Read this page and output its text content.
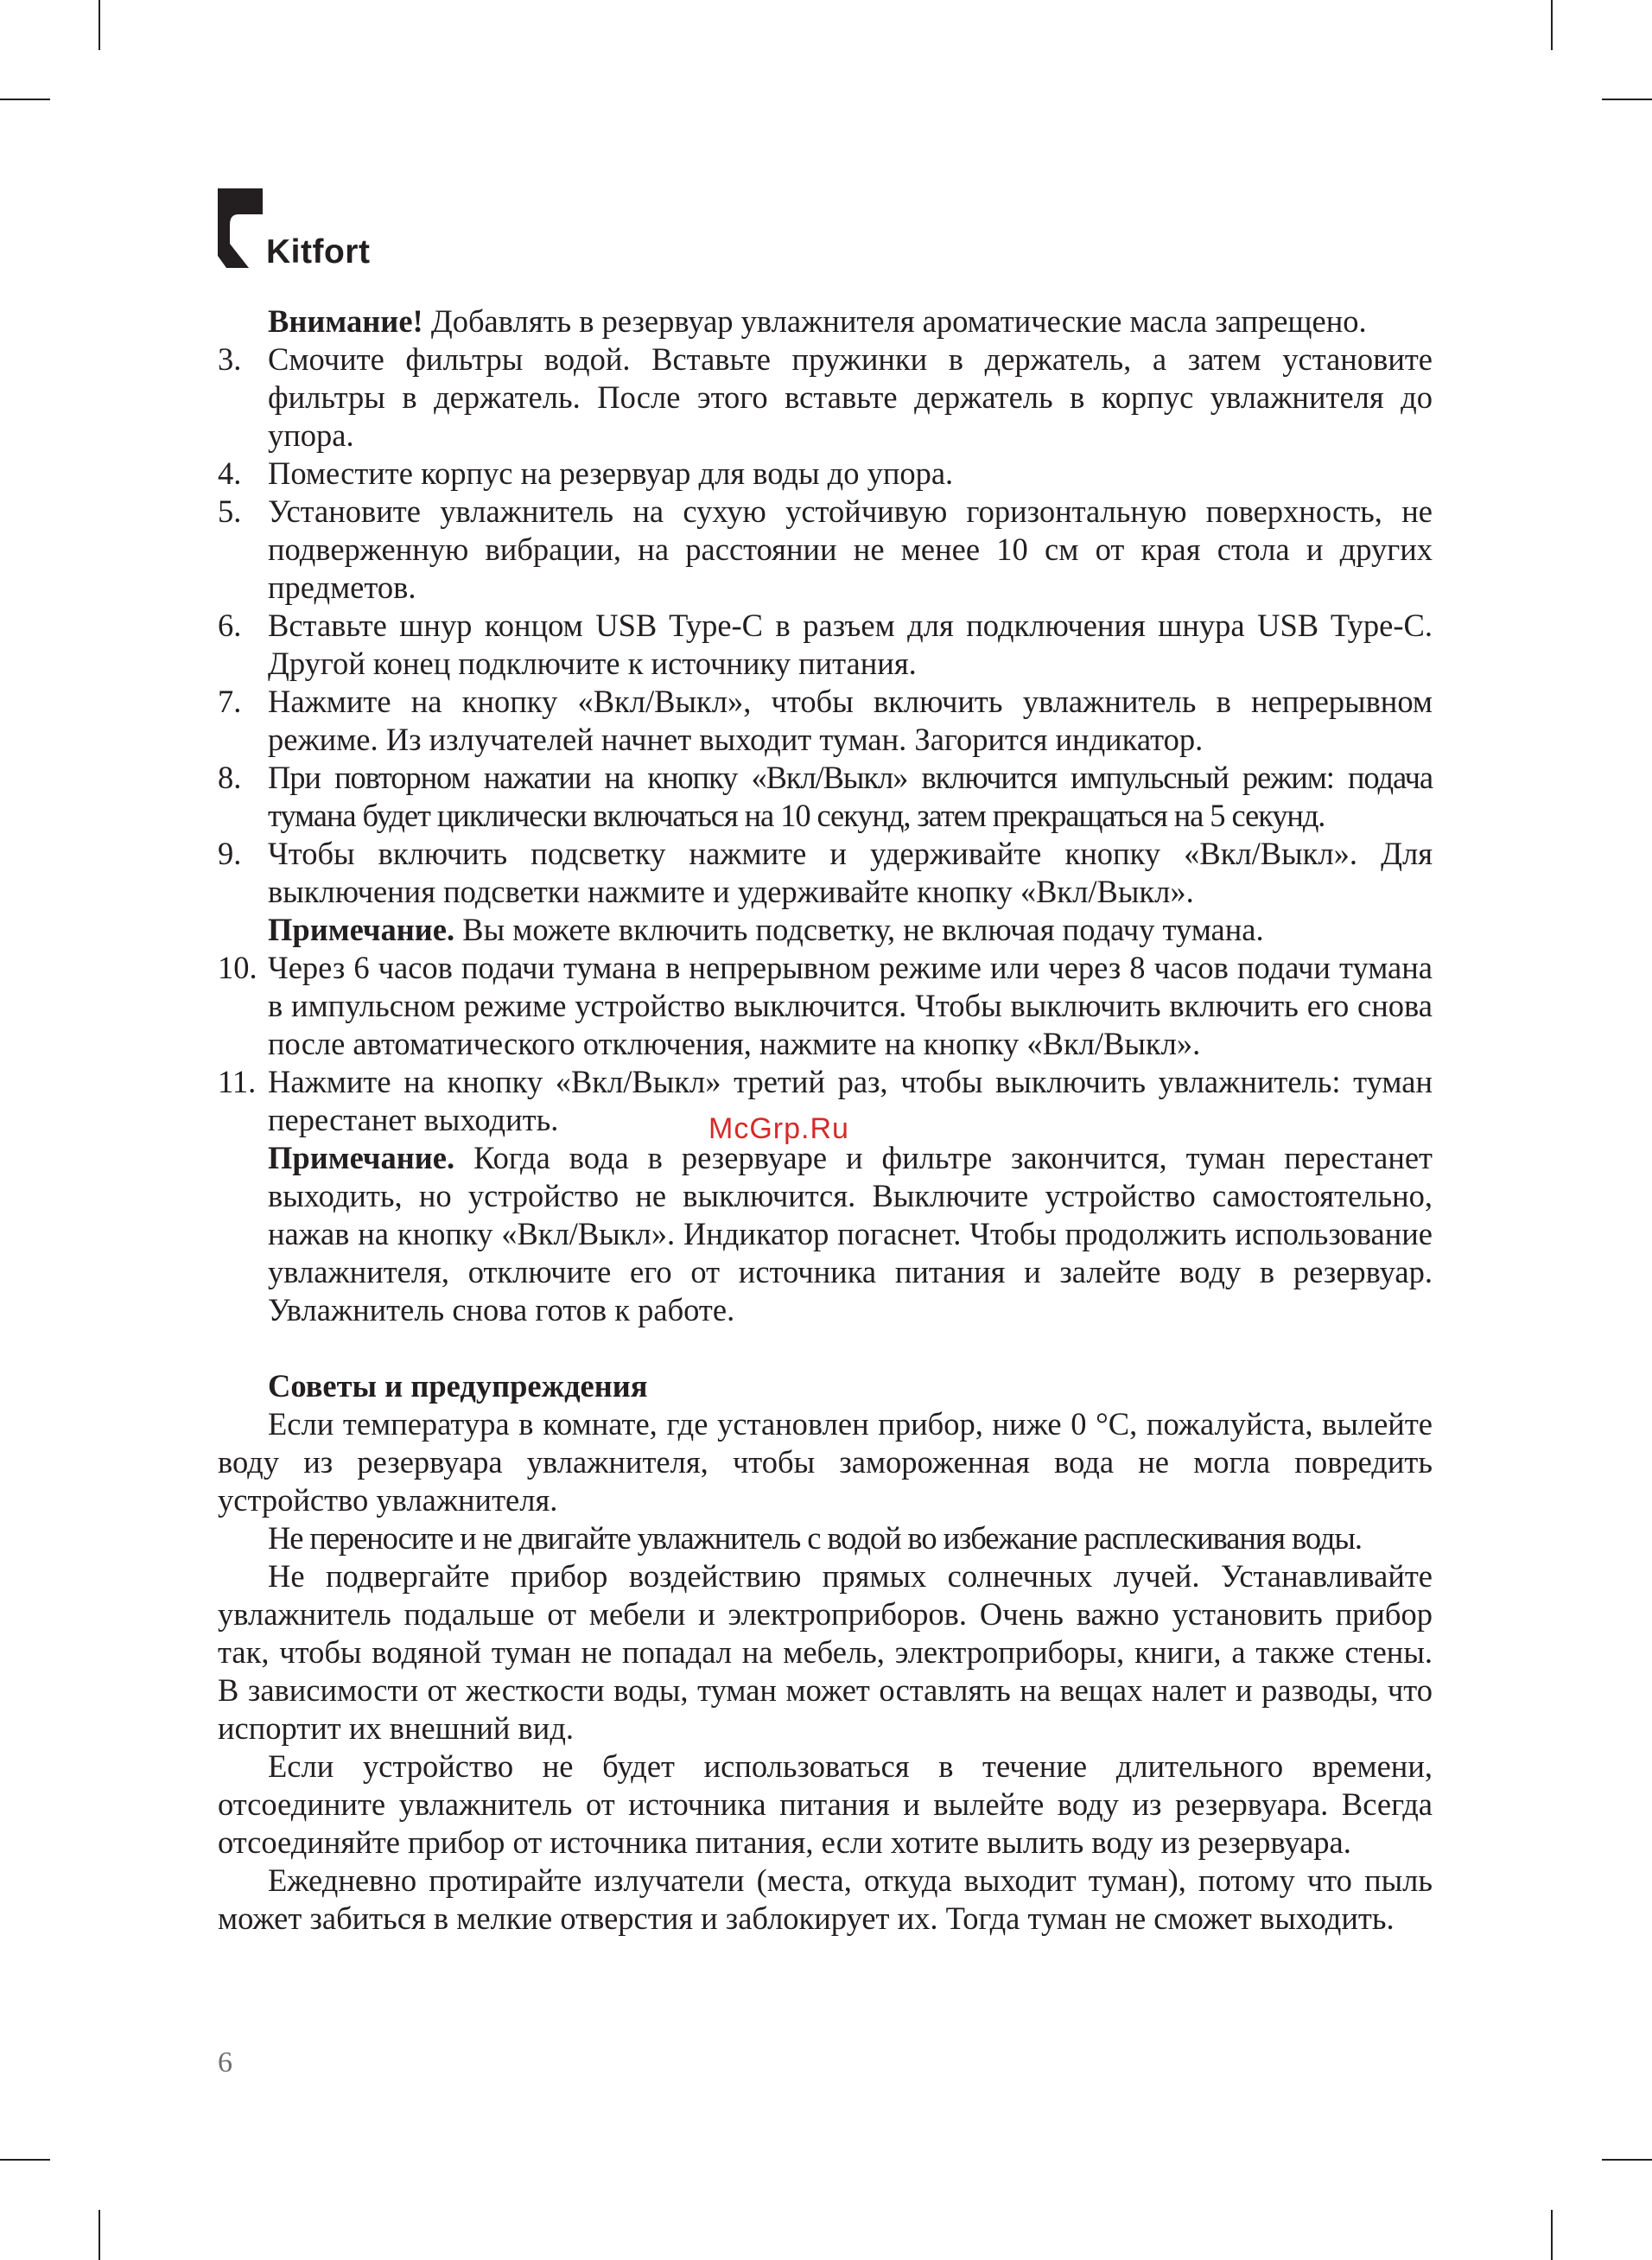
Kitfort
Внимание! Добавлять в резервуар увлажнителя ароматические масла запрещено.
3. Смочите фильтры водой. Вставьте пружинки в держатель, а затем установите фильтры в держатель. После этого вставьте держатель в корпус увлажнителя до упора.
4. Поместите корпус на резервуар для воды до упора.
5. Установите увлажнитель на сухую устойчивую горизонтальную поверхность, не подверженную вибрации, на расстоянии не менее 10 см от края стола и других предметов.
6. Вставьте шнур концом USB Type-C в разъем для подключения шнура USB Type-C. Другой конец подключите к источнику питания.
7. Нажмите на кнопку «Вкл/Выкл», чтобы включить увлажнитель в непрерывном режиме. Из излучателей начнет выходит туман. Загорится индикатор.
8. При повторном нажатии на кнопку «Вкл/Выкл» включится импульсный режим: подача тумана будет циклически включаться на 10 секунд, затем прекращаться на 5 секунд.
9. Чтобы включить подсветку нажмите и удерживайте кнопку «Вкл/Выкл». Для выключения подсветки нажмите и удерживайте кнопку «Вкл/Выкл».
Примечание. Вы можете включить подсветку, не включая подачу тумана.
10. Через 6 часов подачи тумана в непрерывном режиме или через 8 часов подачи тумана в импульсном режиме устройство выключится. Чтобы выключить включить его снова после автоматического отключения, нажмите на кнопку «Вкл/Выкл».
11. Нажмите на кнопку «Вкл/Выкл» третий раз, чтобы выключить увлажнитель: туман перестанет выходить.
Примечание. Когда вода в резервуаре и фильтре закончится, туман перестанет выходить, но устройство не выключится. Выключите устройство самостоятельно, нажав на кнопку «Вкл/Выкл». Индикатор погаснет. Чтобы продолжить использование увлажнителя, отключите его от источника питания и залейте воду в резервуар. Увлажнитель снова готов к работе.
Советы и предупреждения
Если температура в комнате, где установлен прибор, ниже 0 °С, пожалуйста, вылейте воду из резервуара увлажнителя, чтобы замороженная вода не могла повредить устройство увлажнителя.
Не переносите и не двигайте увлажнитель с водой во избежание расплескивания воды.
Не подвергайте прибор воздействию прямых солнечных лучей. Устанавливайте увлажнитель подальше от мебели и электроприборов. Очень важно установить прибор так, чтобы водяной туман не попадал на мебель, электроприборы, книги, а также стены. В зависимости от жесткости воды, туман может оставлять на вещах налет и разводы, что испортит их внешний вид.
Если устройство не будет использоваться в течение длительного времени, отсоедините увлажнитель от источника питания и вылейте воду из резервуара. Всегда отсоединяйте прибор от источника питания, если хотите вылить воду из резервуара.
Ежедневно протирайте излучатели (места, откуда выходит туман), потому что пыль может забиться в мелкие отверстия и заблокирует их. Тогда туман не сможет выходить.
McGrp.Ru
6
